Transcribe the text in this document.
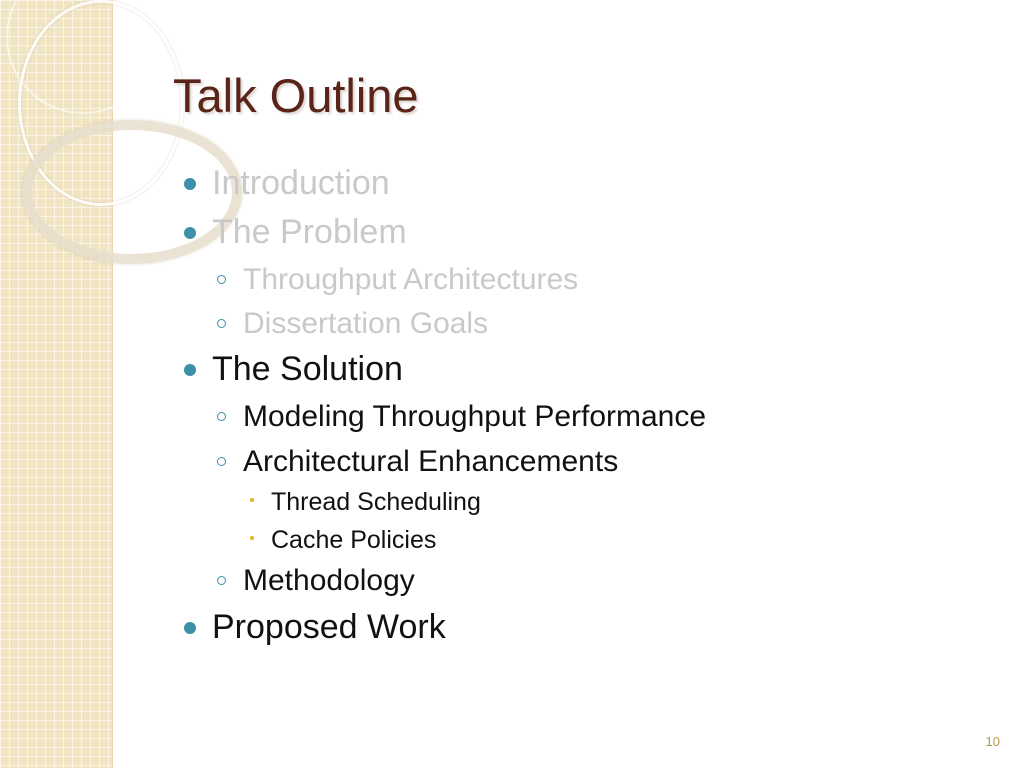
Talk Outline
Introduction
The Problem
Throughput Architectures
Dissertation Goals
The Solution
Modeling Throughput Performance
Architectural Enhancements
Thread Scheduling
Cache Policies
Methodology
Proposed Work
10
